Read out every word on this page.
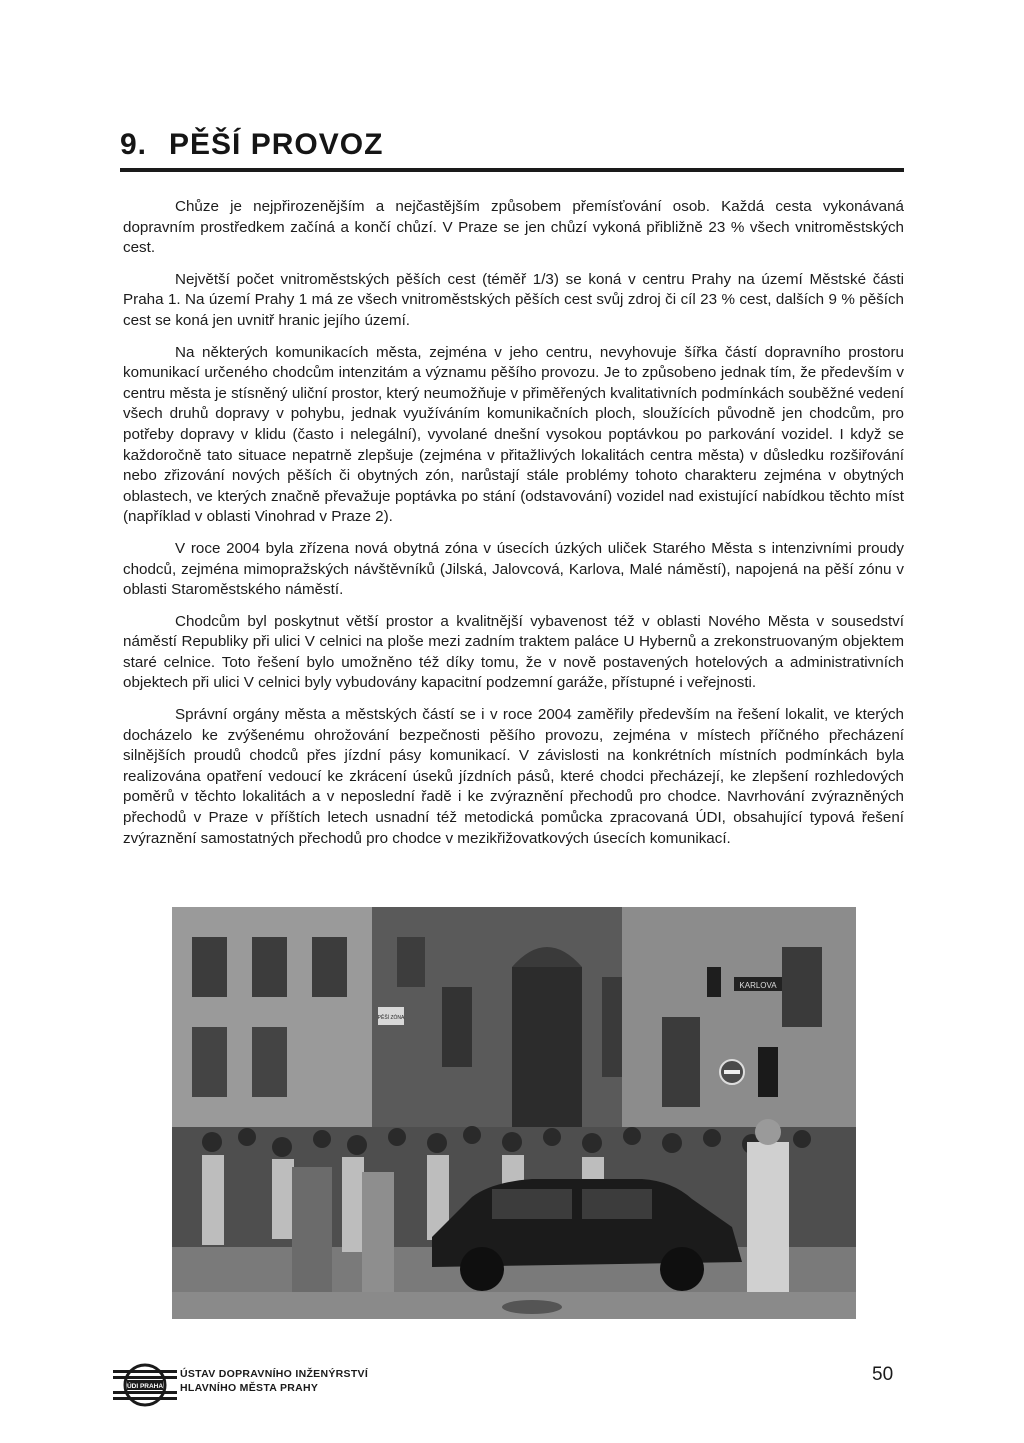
9. PĚŠÍ PROVOZ

Chůze je nejpřirozenějším a nejčastějším způsobem přemísťování osob. Každá cesta vykonávaná dopravním prostředkem začíná a končí chůzí. V Praze se jen chůzí vykoná přibližně 23 % všech vnitroměstských cest.

Největší počet vnitroměstských pěších cest (téměř 1/3) se koná v centru Prahy na území Městské části Praha 1. Na území Prahy 1 má ze všech vnitroměstských pěších cest svůj zdroj či cíl 23 % cest, dalších 9 % pěších cest se koná jen uvnitř hranic jejího území.

Na některých komunikacích města, zejména v jeho centru, nevyhovuje šířka částí dopravního prostoru komunikací určeného chodcům intenzitám a významu pěšího provozu. Je to způsobeno jednak tím, že především v centru města je stísněný uliční prostor, který neumožňuje v přiměřených kvalitativních podmínkách souběžné vedení všech druhů dopravy v pohybu, jednak využíváním komunikačních ploch, sloužících původně jen chodcům, pro potřeby dopravy v klidu (často i nelegální), vyvolané dnešní vysokou poptávkou po parkování vozidel. I když se každoročně tato situace nepatrně zlepšuje (zejména v přitažlivých lokalitách centra města) v důsledku rozšiřování nebo zřizování nových pěších či obytných zón, narůstají stále problémy tohoto charakteru zejména v obytných oblastech, ve kterých značně převažuje poptávka po stání (odstavování) vozidel nad existující nabídkou těchto míst (například v oblasti Vinohrad v Praze 2).

V roce 2004 byla zřízena nová obytná zóna v úsecích úzkých uliček Starého Města s intenzivními proudy chodců, zejména mimopražských návštěvníků (Jilská, Jalovcová, Karlova, Malé náměstí), napojená na pěší zónu v oblasti Staroměstského náměstí.

Chodcům byl poskytnut větší prostor a kvalitnější vybavenost též v oblasti Nového Města v sousedství náměstí Republiky při ulici V celnici na ploše mezi zadním traktem paláce U Hybernů a zrekonstruovaným objektem staré celnice. Toto řešení bylo umožněno též díky tomu, že v nově postavených hotelových a administrativních objektech při ulici V celnici byly vybudovány kapacitní podzemní garáže, přístupné i veřejnosti.

Správní orgány města a městských částí se i v roce 2004 zaměřily především na řešení lokalit, ve kterých docházelo ke zvýšenému ohrožování bezpečnosti pěšího provozu, zejména v místech příčného přecházení silnějších proudů chodců přes jízdní pásy komunikací. V závislosti na konkrétních místních podmínkách byla realizována opatření vedoucí ke zkrácení úseků jízdních pásů, které chodci přecházejí, ke zlepšení rozhledových poměrů v těchto lokalitách a v neposlední řadě i ke zvýraznění přechodů pro chodce. Navrhování zvýrazněných přechodů v Praze v příštích letech usnadní též metodická pomůcka zpracovaná ÚDI, obsahující typová řešení zvýraznění samostatných přechodů pro chodce v mezikřižovatkových úsecích komunikací.

KARLOVA
PĚŠÍ ZÓNA
ÚDI PRAHA
ÚSTAV DOPRAVNÍHO INŽENÝRSTVÍ
HLAVNÍHO MĚSTA PRAHY
50
